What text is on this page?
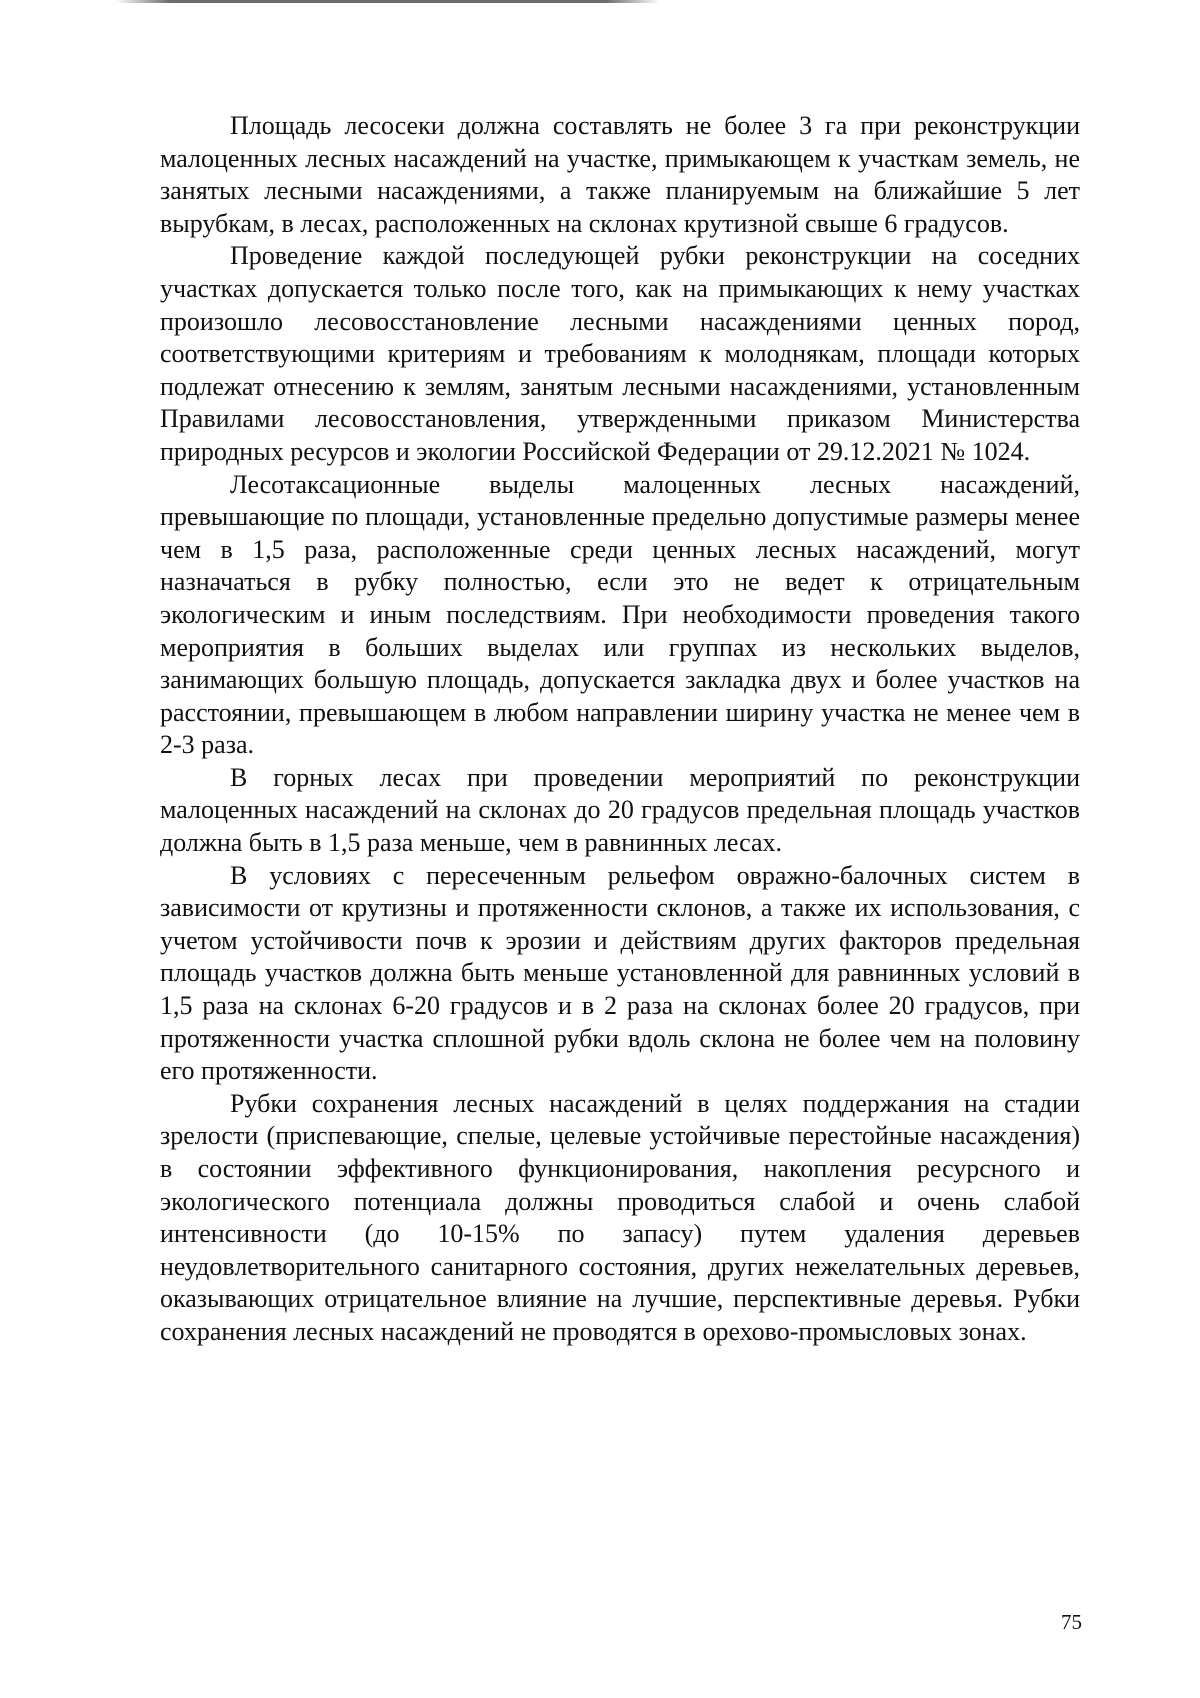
Площадь лесосеки должна составлять не более 3 га при реконструкции малоценных лесных насаждений на участке, примыкающем к участкам земель, не занятых лесными насаждениями, а также планируемым на ближайшие 5 лет вырубкам, в лесах, расположенных на склонах крутизной свыше 6 градусов.

Проведение каждой последующей рубки реконструкции на соседних участках допускается только после того, как на примыкающих к нему участках произошло лесовосстановление лесными насаждениями ценных пород, соответствующими критериям и требованиям к молоднякам, площади которых подлежат отнесению к землям, занятым лесными насаждениями, установленным Правилами лесовосстановления, утвержденными приказом Министерства природных ресурсов и экологии Российской Федерации от 29.12.2021 № 1024.

Лесотаксационные выделы малоценных лесных насаждений, превышающие по площади, установленные предельно допустимые размеры менее чем в 1,5 раза, расположенные среди ценных лесных насаждений, могут назначаться в рубку полностью, если это не ведет к отрицательным экологическим и иным последствиям. При необходимости проведения такого мероприятия в больших выделах или группах из нескольких выделов, занимающих большую площадь, допускается закладка двух и более участков на расстоянии, превышающем в любом направлении ширину участка не менее чем в 2-3 раза.

В горных лесах при проведении мероприятий по реконструкции малоценных насаждений на склонах до 20 градусов предельная площадь участков должна быть в 1,5 раза меньше, чем в равнинных лесах.

В условиях с пересеченным рельефом овражно-балочных систем в зависимости от крутизны и протяженности склонов, а также их использования, с учетом устойчивости почв к эрозии и действиям других факторов предельная площадь участков должна быть меньше установленной для равнинных условий в 1,5 раза на склонах 6-20 градусов и в 2 раза на склонах более 20 градусов, при протяженности участка сплошной рубки вдоль склона не более чем на половину его протяженности.

Рубки сохранения лесных насаждений в целях поддержания на стадии зрелости (приспевающие, спелые, целевые устойчивые перестойные насаждения) в состоянии эффективного функционирования, накопления ресурсного и экологического потенциала должны проводиться слабой и очень слабой интенсивности (до 10-15% по запасу) путем удаления деревьев неудовлетворительного санитарного состояния, других нежелательных деревьев, оказывающих отрицательное влияние на лучшие, перспективные деревья. Рубки сохранения лесных насаждений не проводятся в орехово-промысловых зонах.

75
